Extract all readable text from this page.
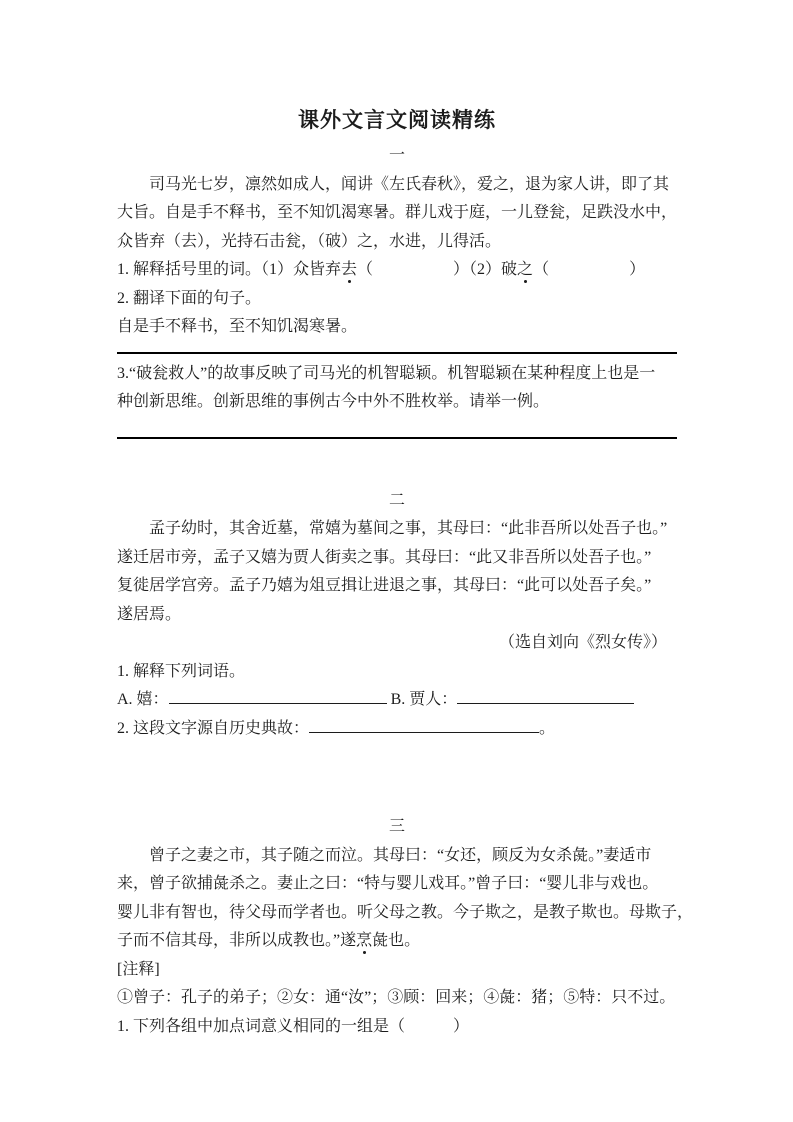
课外文言文阅读精练
一
司马光七岁，凛然如成人，闻讲《左氏春秋》，爱之，退为家人讲，即了其
大旨。自是手不释书，至不知饥渴寒暑。群儿戏于庭，一儿登瓮，足跌没水中，
众皆弃（去），光持石击瓮，（破）之，水进，儿得活。
1. 解释括号里的词。（1）众皆弃去（　　　　　）（2）破之（　　　　　）
2. 翻译下面的句子。
自是手不释书，至不知饥渴寒暑。
3.“破瓮救人”的故事反映了司马光的机智聪颖。机智聪颖在某种程度上也是一
种创新思维。创新思维的事例古今中外不胜枚举。请举一例。
二
孟子幼时，其舍近墓，常嬉为墓间之事，其母曰：“此非吾所以处吾子也。”
遂迁居市旁，孟子又嬉为贾人街卖之事。其母曰：“此又非吾所以处吾子也。”
复徙居学宫旁。孟子乃嬉为俎豆揖让进退之事，其母曰：“此可以处吾子矣。”
遂居焉。
（选自刘向《烈女传》）
1. 解释下列词语。
A. 嬉：	B. 贾人：
2. 这段文字源自历史典故：	。
三
曾子之妻之市，其子随之而泣。其母曰：“女还，顾反为女杀彘。”妻适市
来，曾子欲捕彘杀之。妻止之曰：“特与婴儿戏耳。”曾子曰：“婴儿非与戏也。
婴儿非有智也，待父母而学者也。听父母之教。今子欺之，是教子欺也。母欺子，
子而不信其母，非所以成教也。”遂烹彘也。
[注释]
①曾子：孔子的弟子；②女：通“汝”；③顾：回来；④彘：猪；⑤特：只不过。
1. 下列各组中加点词意义相同的一组是（　　　）
